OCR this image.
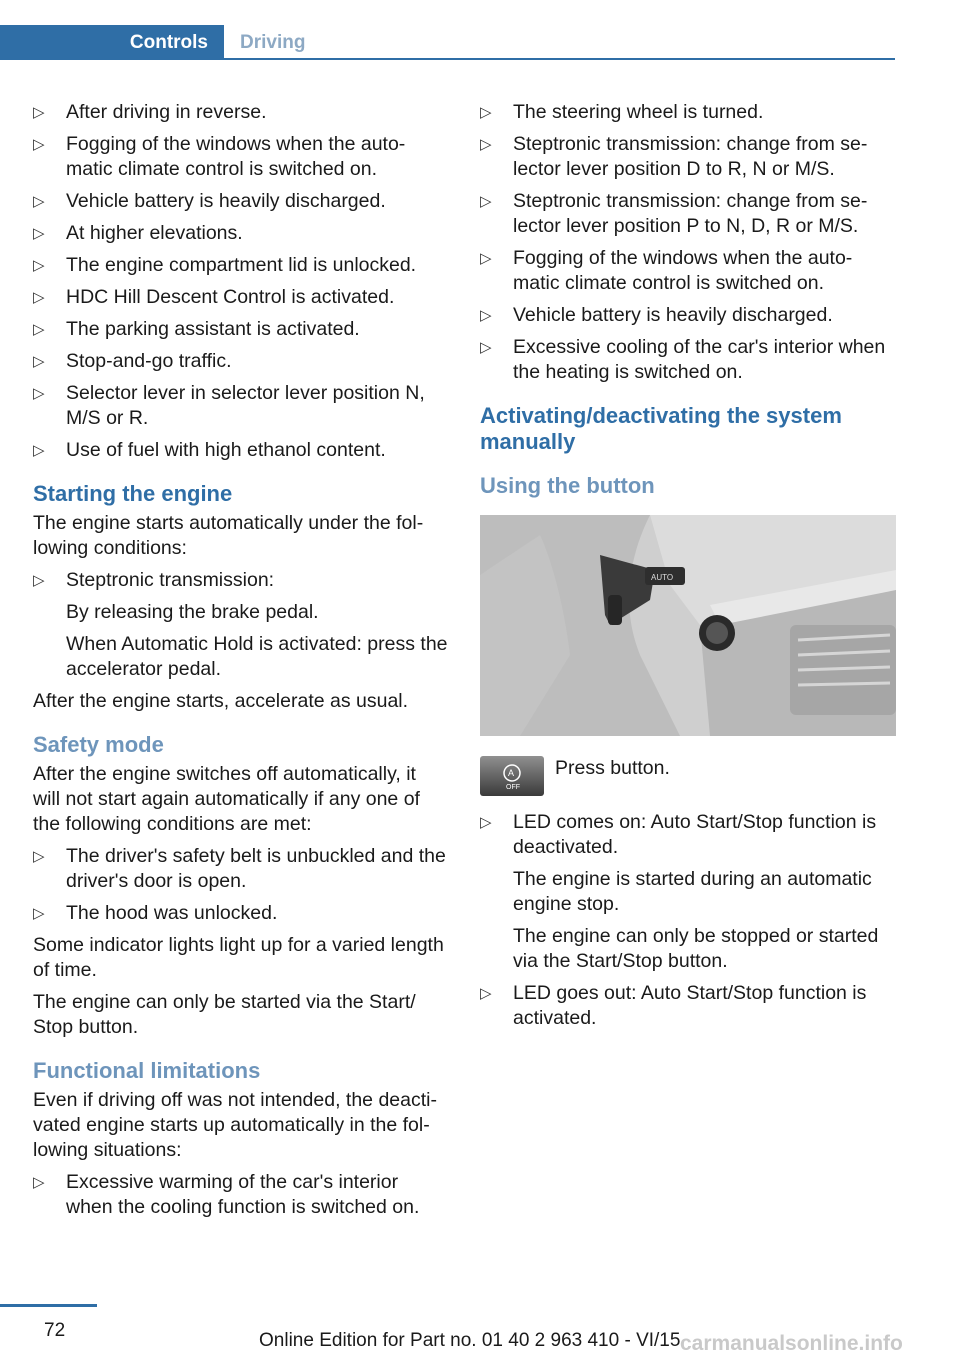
Controls	Driving
▷ After driving in reverse.
▷ Fogging of the windows when the auto-matic climate control is switched on.
▷ Vehicle battery is heavily discharged.
▷ At higher elevations.
▷ The engine compartment lid is unlocked.
▷ HDC Hill Descent Control is activated.
▷ The parking assistant is activated.
▷ Stop-and-go traffic.
▷ Selector lever in selector lever position N, M/S or R.
▷ Use of fuel with high ethanol content.
Starting the engine

The engine starts automatically under the fol-lowing conditions:

▷ Steptronic transmission:
By releasing the brake pedal.
When Automatic Hold is activated: press the accelerator pedal.

After the engine starts, accelerate as usual.

Safety mode

After the engine switches off automatically, it will not start again automatically if any one of the following conditions are met:

▷ The driver's safety belt is unbuckled and the driver's door is open.
▷ The hood was unlocked.

Some indicator lights light up for a varied length of time.

The engine can only be started via the Start/ Stop button.

Functional limitations

Even if driving off was not intended, the deacti-vated engine starts up automatically in the fol-lowing situations:

▷ Excessive warming of the car's interior when the cooling function is switched on.
▷ The steering wheel is turned.
▷ Steptronic transmission: change from se-lector lever position D to R, N or M/S.
▷ Steptronic transmission: change from se-lector lever position P to N, D, R or M/S.
▷ Fogging of the windows when the auto-matic climate control is switched on.
▷ Vehicle battery is heavily discharged.
▷ Excessive cooling of the car's interior when the heating is switched on.
Activating/deactivating the system manually
Using the button
AUTO
A
OFF
Press button.
▷ LED comes on: Auto Start/Stop function is deactivated.
The engine is started during an automatic engine stop.
The engine can only be stopped or started via the Start/Stop button.
▷ LED goes out: Auto Start/Stop function is activated.
72	Online Edition for Part no. 01 40 2 963 410 - VI/15 carmanualsonline.info
